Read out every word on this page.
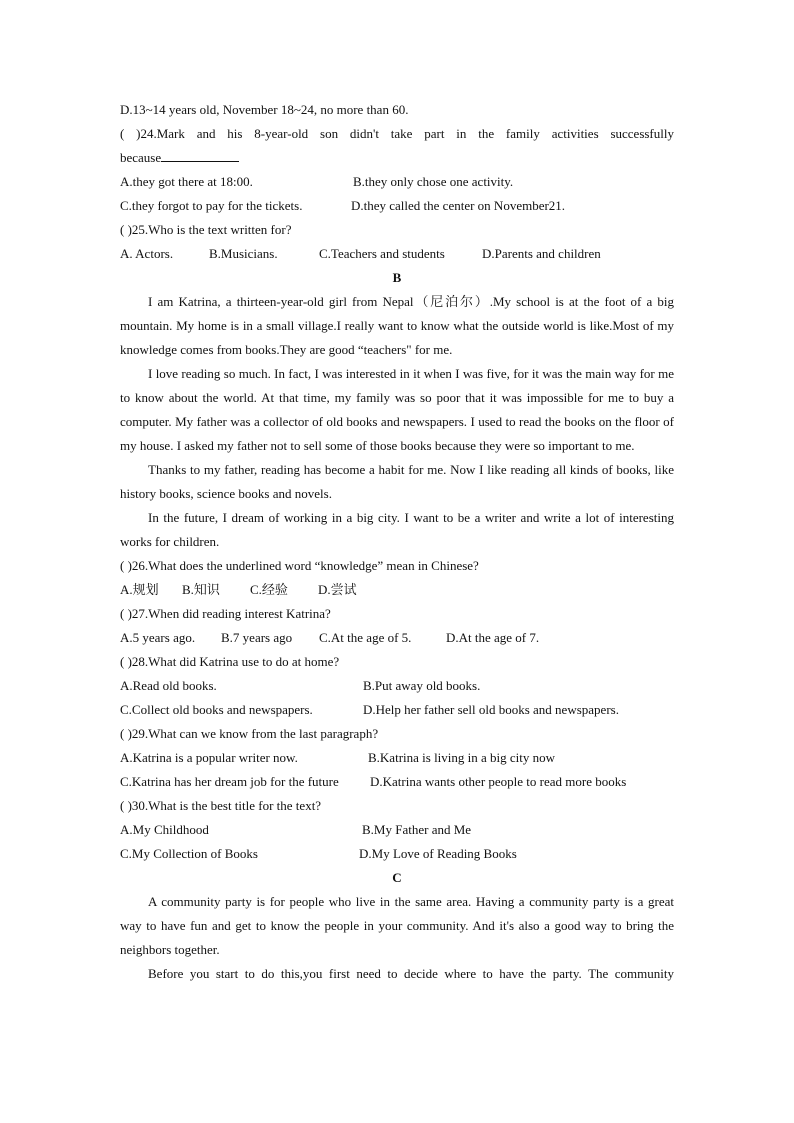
D.13~14 years old, November 18~24, no more than 60.
( )24.Mark and his 8-year-old son didn't take part in the family activities successfully
because
A.they got there at 18:00.	B.they only chose one activity.
C.they forgot to pay for the tickets.	D.they called the center on November21.
( )25.Who is the text written for?
A. Actors.	B.Musicians.	C.Teachers and students	D.Parents and children
B
I am Katrina, a thirteen-year-old girl from Nepal（尼泊尔）.My school is at the foot of a big mountain. My home is in a small village.I really want to know what the outside world is like.Most of my knowledge comes from books.They are good “teachers" for me.
I love reading so much. In fact, I was interested in it when I was five, for it was the main way for me to know about the world. At that time, my family was so poor that it was impossible for me to buy a computer. My father was a collector of old books and newspapers. I used to read the books on the floor of my house. I asked my father not to sell some of those books because they were so important to me.
Thanks to my father, reading has become a habit for me. Now I like reading all kinds of books, like history books, science books and novels.
In the future, I dream of working in a big city. I want to be a writer and write a lot of interesting works for children.
( )26.What does the underlined word “knowledge” mean in Chinese?
A.规划	B.知识	C.经验	D.尝试
( )27.When did reading interest Katrina?
A.5 years ago.	B.7 years ago	C.At the age of 5.	D.At the age of 7.
( )28.What did Katrina use to do at home?
A.Read old books.	B.Put away old books.
C.Collect old books and newspapers.	D.Help her father sell old books and newspapers.
( )29.What can we know from the last paragraph?
A.Katrina is a popular writer now.	B.Katrina is living in a big city now
C.Katrina has her dream job for the future	D.Katrina wants other people to read more books
( )30.What is the best title for the text?
A.My Childhood	B.My Father and Me
C.My Collection of Books	D.My Love of Reading Books
C
A community party is for people who live in the same area. Having a community party is a great way to have fun and get to know the people in your community. And it's also a good way to bring the neighbors together.
Before you start to do this,you first need to decide where to have the party. The community
